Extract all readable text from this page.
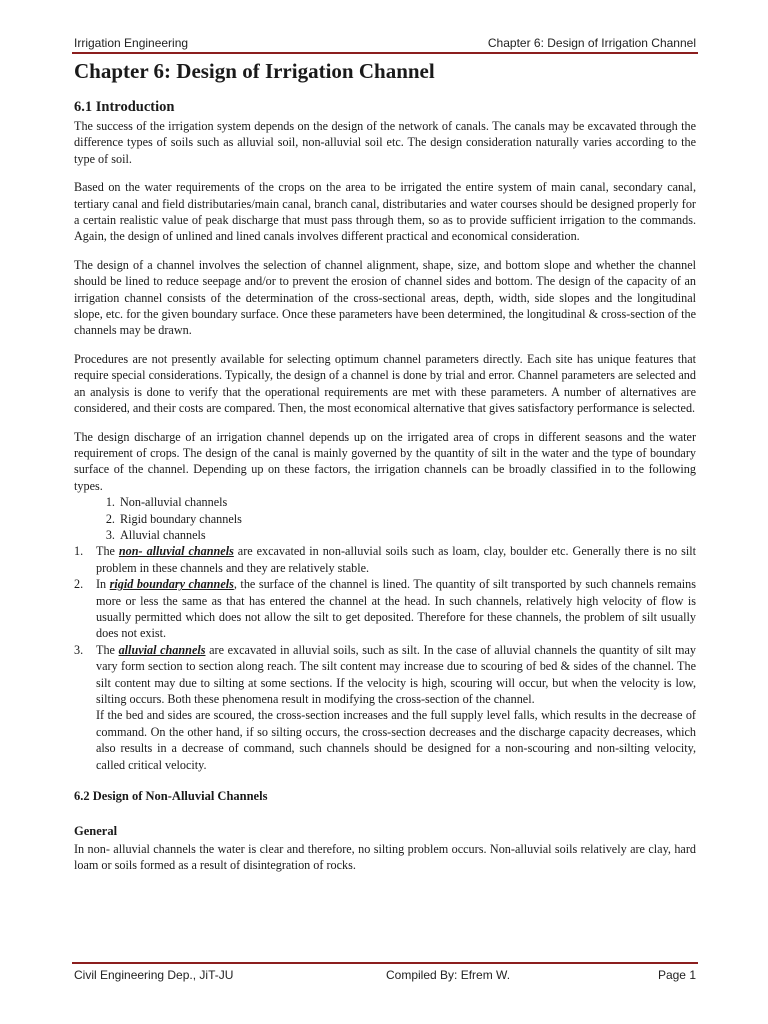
Irrigation Engineering	Chapter 6: Design of Irrigation Channel
Chapter 6: Design of Irrigation Channel
6.1 Introduction

The success of the irrigation system depends on the design of the network of canals. The canals may be excavated through the difference types of soils such as alluvial soil, non-alluvial soil etc. The design consideration naturally varies according to the type of soil.

Based on the water requirements of the crops on the area to be irrigated the entire system of main canal, secondary canal, tertiary canal and field distributaries/main canal, branch canal, distributaries and water courses should be designed properly for a certain realistic value of peak discharge that must pass through them, so as to provide sufficient irrigation to the commands. Again, the design of unlined and lined canals involves different practical and economical consideration.

The design of a channel involves the selection of channel alignment, shape, size, and bottom slope and whether the channel should be lined to reduce seepage and/or to prevent the erosion of channel sides and bottom. The design of the capacity of an irrigation channel consists of the determination of the cross-sectional areas, depth, width, side slopes and the longitudinal slope, etc. for the given boundary surface. Once these parameters have been determined, the longitudinal & cross-section of the channels may be drawn.

Procedures are not presently available for selecting optimum channel parameters directly. Each site has unique features that require special considerations. Typically, the design of a channel is done by trial and error. Channel parameters are selected and an analysis is done to verify that the operational requirements are met with these parameters. A number of alternatives are considered, and their costs are compared. Then, the most economical alternative that gives satisfactory performance is selected.

The design discharge of an irrigation channel depends up on the irrigated area of crops in different seasons and the water requirement of crops. The design of the canal is mainly governed by the quantity of silt in the water and the type of boundary surface of the channel. Depending up on these factors, the irrigation channels can be broadly classified in to the following types.

1. Non-alluvial channels
2. Rigid boundary channels
3. Alluvial channels
1. The non- alluvial channels are excavated in non-alluvial soils such as loam, clay, boulder etc. Generally there is no silt problem in these channels and they are relatively stable.
2. In rigid boundary channels, the surface of the channel is lined. The quantity of silt transported by such channels remains more or less the same as that has entered the channel at the head. In such channels, relatively high velocity of flow is usually permitted which does not allow the silt to get deposited. Therefore for these channels, the problem of silt usually does not exist.
3. The alluvial channels are excavated in alluvial soils, such as silt. In the case of alluvial channels the quantity of silt may vary form section to section along reach. The silt content may increase due to scouring of bed & sides of the channel. The silt content may due to silting at some sections. If the velocity is high, scouring will occur, but when the velocity is low, silting occurs. Both these phenomena result in modifying the cross-section of the channel.
If the bed and sides are scoured, the cross-section increases and the full supply level falls, which results in the decrease of command. On the other hand, if so silting occurs, the cross-section decreases and the discharge capacity decreases, which also results in a decrease of command, such channels should be designed for a non-scouring and non-silting velocity, called critical velocity.
6.2 Design of Non-Alluvial Channels
General

In non- alluvial channels the water is clear and therefore, no silting problem occurs. Non-alluvial soils relatively are clay, hard loam or soils formed as a result of disintegration of rocks.

Civil Engineering Dep., JiT-JU	Compiled By: Efrem W.	Page 1
